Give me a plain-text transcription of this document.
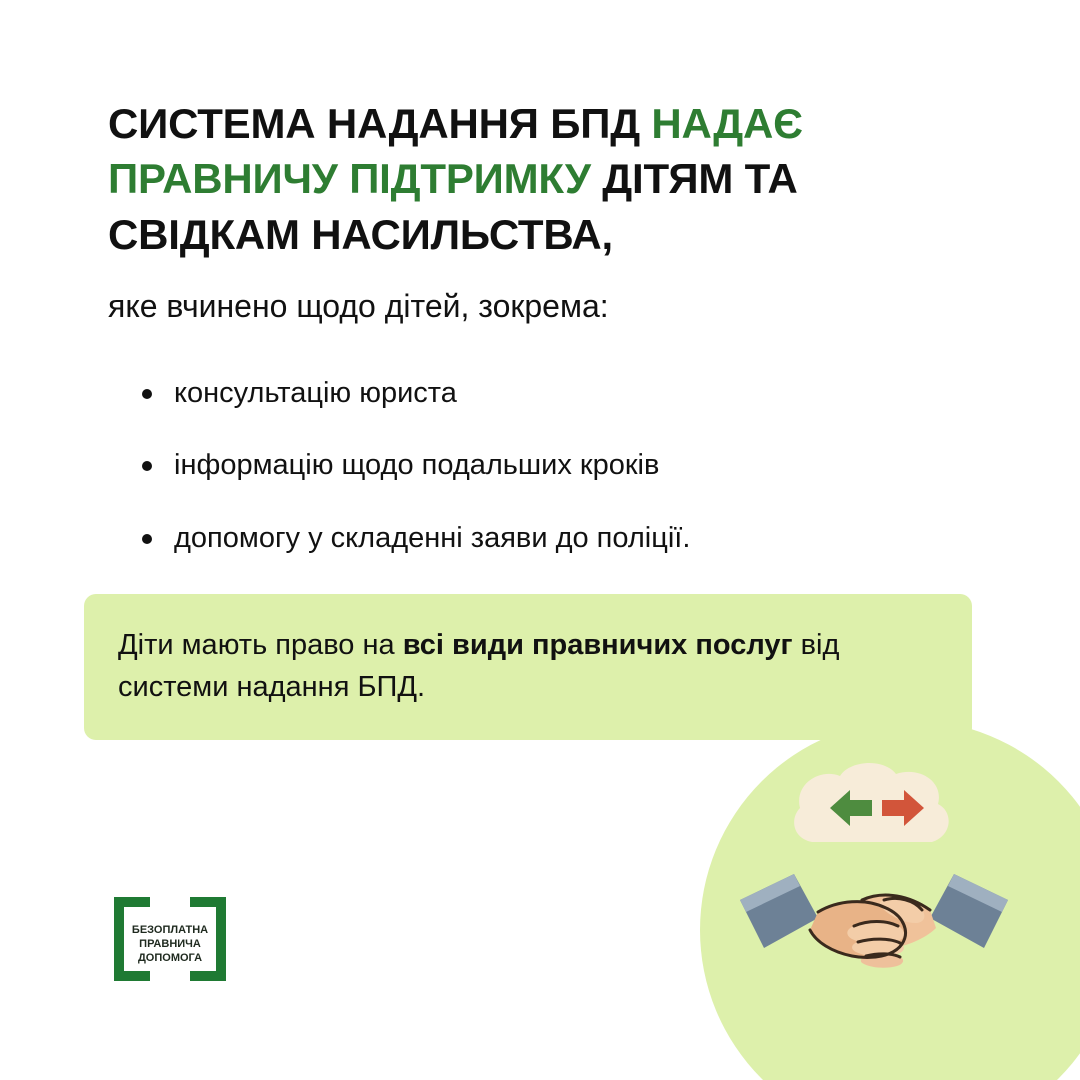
СИСТЕМА НАДАННЯ БПД НАДАЄ ПРАВНИЧУ ПІДТРИМКУ ДІТЯМ ТА СВІДКАМ НАСИЛЬСТВА,

яке вчинено щодо дітей, зокрема:

консультацію юриста
інформацію щодо подальших кроків
допомогу у складенні заяви до поліції.

Діти мають право на всі види правничих послуг від системи надання БПД.

БЕЗОПЛАТНА
ПРАВНИЧА
ДОПОМОГА
